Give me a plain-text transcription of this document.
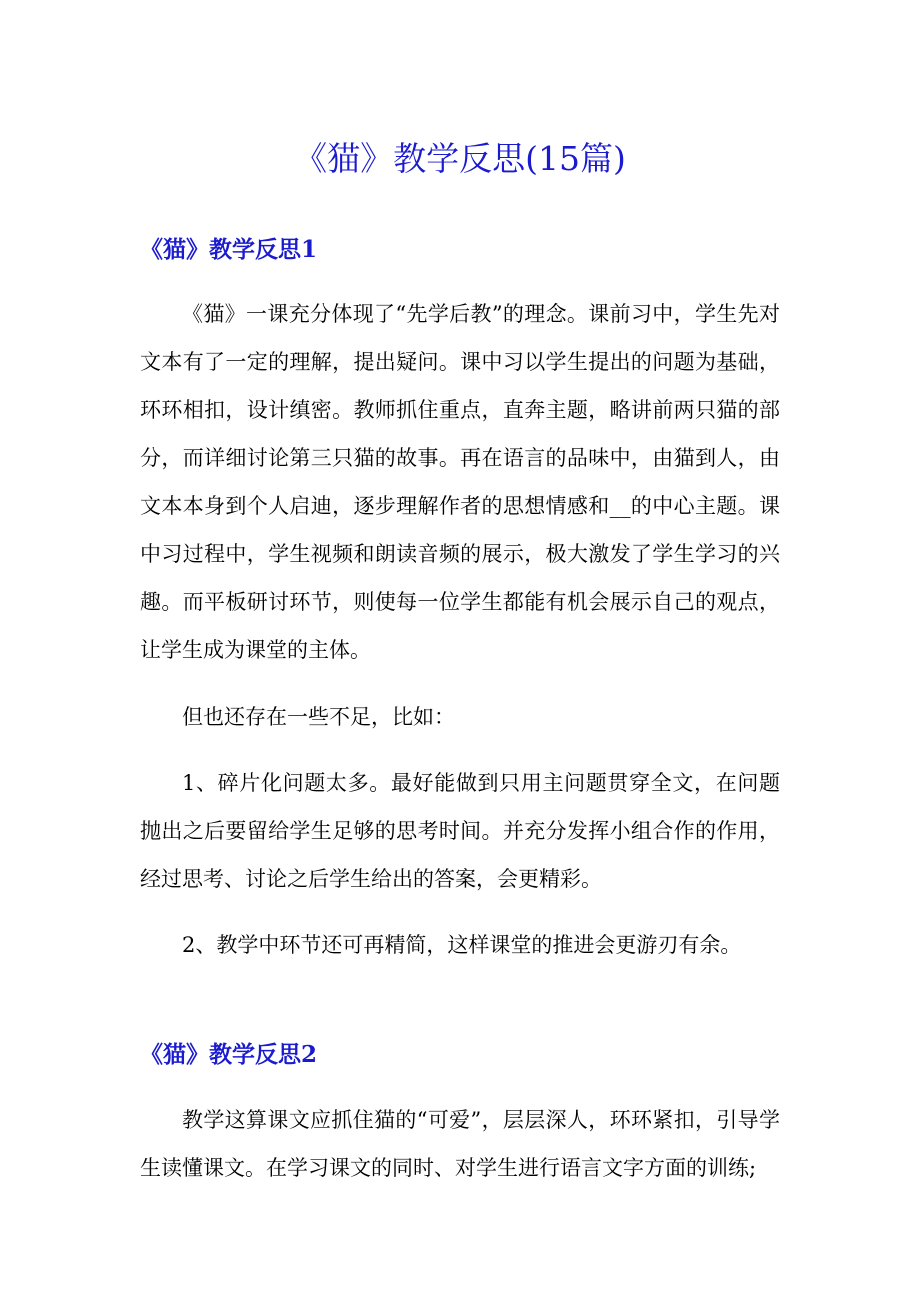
《猫》教学反思(15篇)
《猫》教学反思1

《猫》一课充分体现了“先学后教”的理念。课前习中，学生先对文本有了一定的理解，提出疑问。课中习以学生提出的问题为基础，环环相扣，设计缜密。教师抓住重点，直奔主题，略讲前两只猫的部分，而详细讨论第三只猫的故事。再在语言的品味中，由猫到人，由文本本身到个人启迪，逐步理解作者的思想情感和__的中心主题。课中习过程中，学生视频和朗读音频的展示，极大激发了学生学习的兴趣。而平板研讨环节，则使每一位学生都能有机会展示自己的观点，让学生成为课堂的主体。

但也还存在一些不足，比如：

1、碎片化问题太多。最好能做到只用主问题贯穿全文，在问题抛出之后要留给学生足够的思考时间。并充分发挥小组合作的作用，经过思考、讨论之后学生给出的答案，会更精彩。

2、教学中环节还可再精简，这样课堂的推进会更游刃有余。

《猫》教学反思2

教学这算课文应抓住猫的“可爱”，层层深人，环环紧扣，引导学生读懂课文。在学习课文的同时、对学生进行语言文字方面的训练;
